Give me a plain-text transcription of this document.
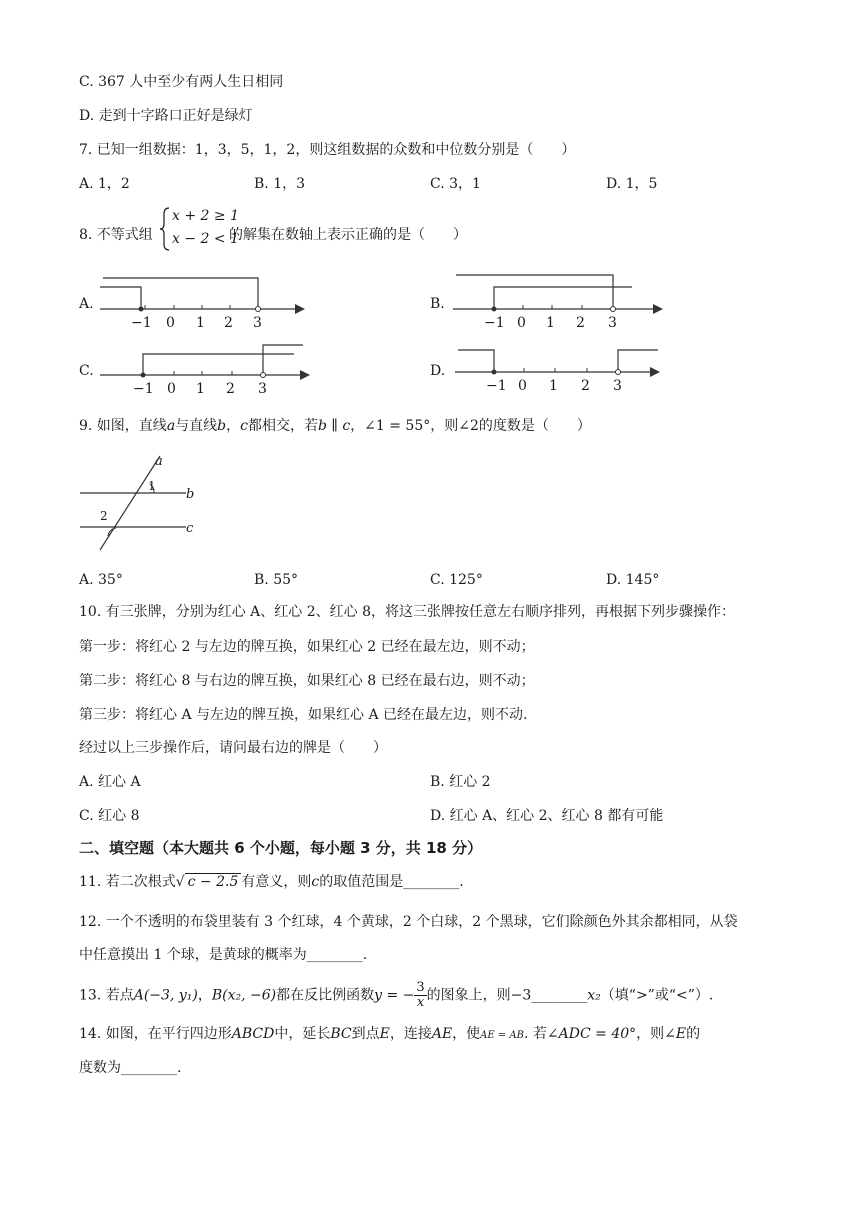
C. 367 人中至少有两人生日相同
D. 走到十字路口正好是绿灯
7. 已知一组数据：1，3，5，1，2，则这组数据的众数和中位数分别是（　　）
A. 1，2	B. 1，3	C. 3，1	D. 1，5
8. 不等式组
x + 2 ≥ 1
x − 2 < 1
的解集在数轴上表示正确的是（　　）
A.
−1 0 1 2 3
B.
−1 0 1 2 3
C.
−1 0 1 2 3
D.
−1 0 1 2 3
9. 如图，直线a与直线b，c都相交，若b ∥ c，∠1 = 55°，则∠2的度数是（　　）
a
b
c
1
2
A. 35°	B. 55°	C. 125°	D. 145°
10. 有三张牌，分别为红心 A、红心 2、红心 8，将这三张牌按任意左右顺序排列，再根据下列步骤操作：
第一步：将红心 2 与左边的牌互换，如果红心 2 已经在最左边，则不动；
第二步：将红心 8 与右边的牌互换，如果红心 8 已经在最右边，则不动；
第三步：将红心 A 与左边的牌互换，如果红心 A 已经在最左边，则不动.
经过以上三步操作后，请问最右边的牌是（　　）
A. 红心 A	B. 红心 2
C. 红心 8	D. 红心 A、红心 2、红心 8 都有可能
二、填空题（本大题共 6 个小题，每小题 3 分，共 18 分）
11. 若二次根式√ c − 2.5 有意义，则c的取值范围是________.
12. 一个不透明的布袋里装有 3 个红球，4 个黄球，2 个白球，2 个黑球，它们除颜色外其余都相同，从袋
中任意摸出 1 个球，是黄球的概率为________.
13. 若点A(−3, y₁)，B(x₂, −6)都在反比例函数y = − $\frac{3}{x}$ 的图象上，则−3________x₂（填“>”或“<”）.
14. 如图，在平行四边形ABCD中，延长BC到点E，连接AE，使AE = AB. 若∠ADC = 40°，则∠E的
度数为________.
